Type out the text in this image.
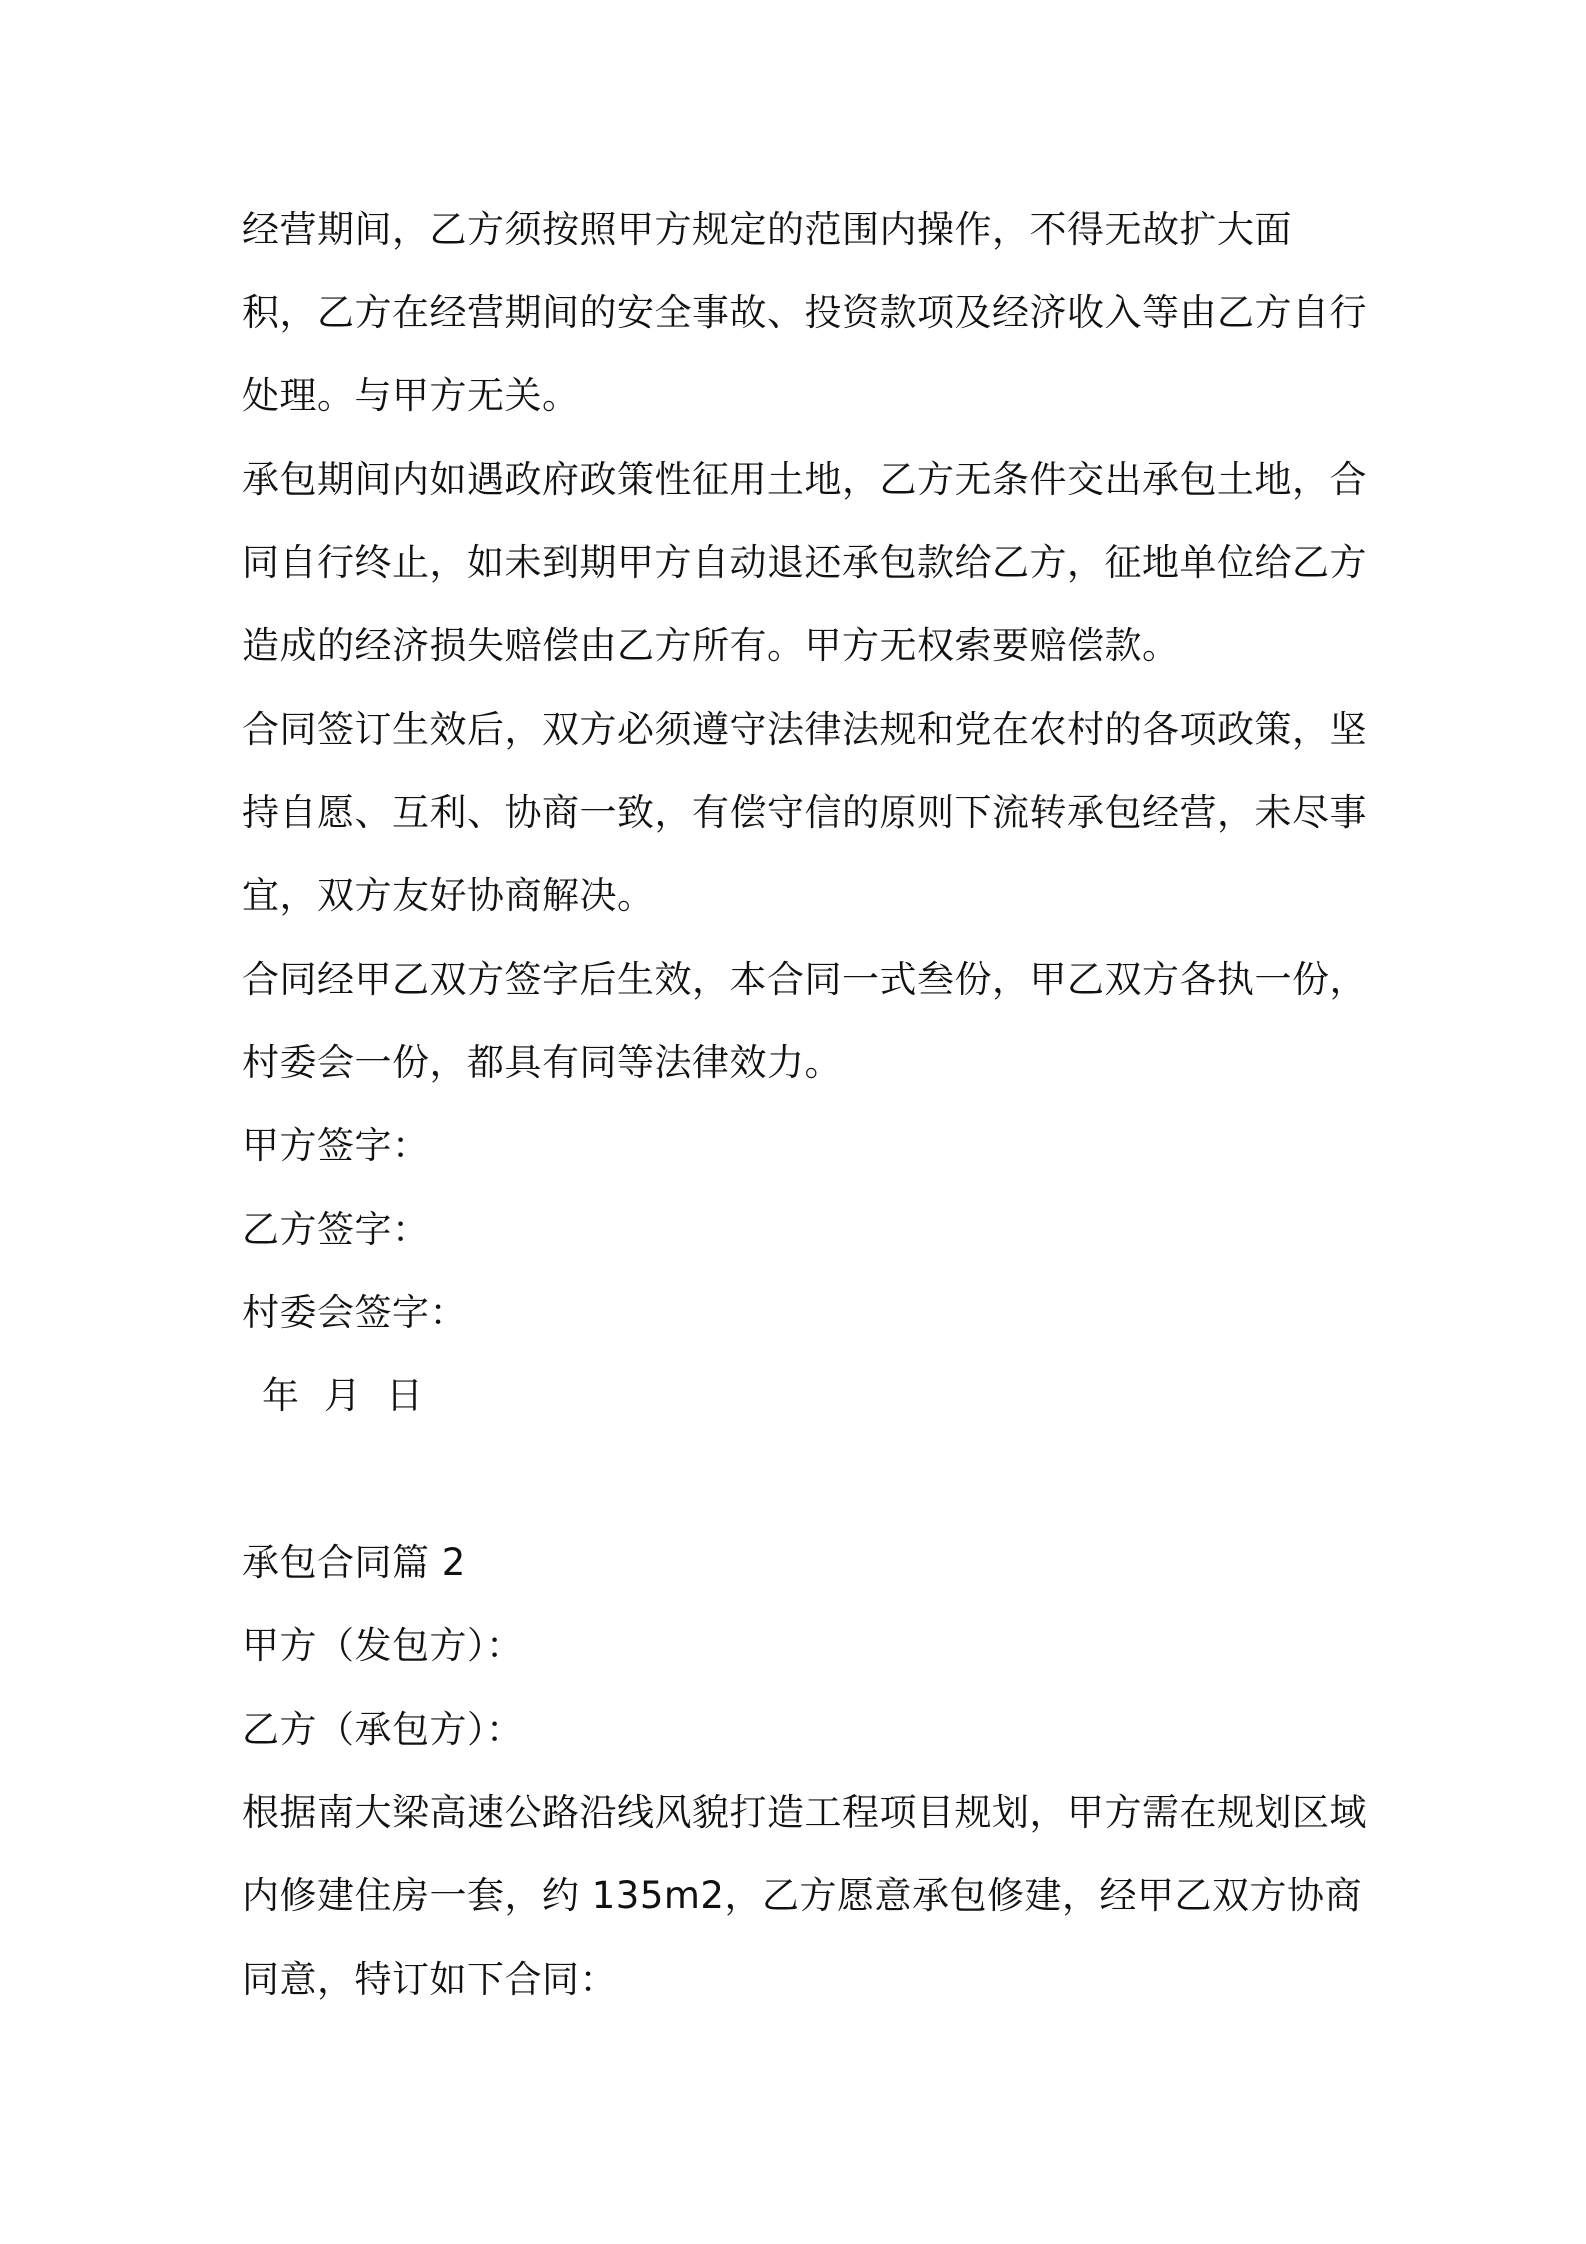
经营期间，乙方须按照甲方规定的范围内操作，不得无故扩大面
积，乙方在经营期间的安全事故、投资款项及经济收入等由乙方自行
处理。与甲方无关。
承包期间内如遇政府政策性征用土地，乙方无条件交出承包土地，合
同自行终止，如未到期甲方自动退还承包款给乙方，征地单位给乙方
造成的经济损失赔偿由乙方所有。甲方无权索要赔偿款。
合同签订生效后，双方必须遵守法律法规和党在农村的各项政策，坚
持自愿、互利、协商一致，有偿守信的原则下流转承包经营，未尽事
宜，双方友好协商解决。
合同经甲乙双方签字后生效，本合同一式叁份，甲乙双方各执一份，
村委会一份，都具有同等法律效力。
甲方签字：
乙方签字：
村委会签字：
年  月  日
承包合同篇 2
甲方（发包方）：
乙方（承包方）：
根据南大梁高速公路沿线风貌打造工程项目规划，甲方需在规划区域
内修建住房一套，约 135m2，乙方愿意承包修建，经甲乙双方协商
同意，特订如下合同：
